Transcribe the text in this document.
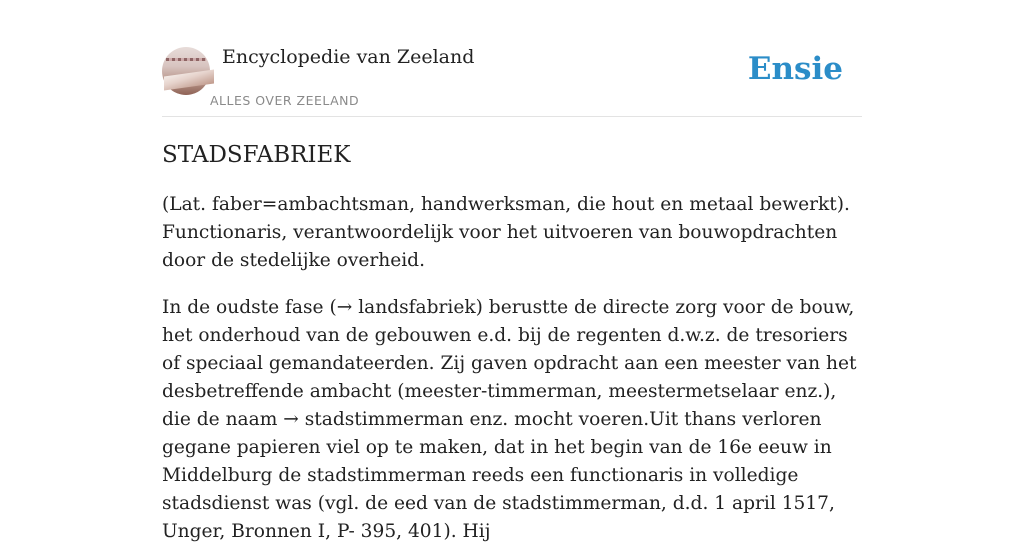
Encyclopedie van Zeeland
ALLES OVER ZEELAND
Ensie
STADSFABRIEK

(Lat. faber=ambachtsman, handwerksman, die hout en metaal bewerkt). Functionaris, verantwoordelijk voor het uitvoeren van bouwopdrachten door de stedelijke overheid.

In de oudste fase (→ landsfabriek) berustte de directe zorg voor de bouw, het onderhoud van de gebouwen e.d. bij de regenten d.w.z. de tresoriers of speciaal gemandateerden. Zij gaven opdracht aan een meester van het desbetreffende ambacht (meester-timmerman, meestermetselaar enz.), die de naam → stadstimmerman enz. mocht voeren.Uit thans verloren gegane papieren viel op te maken, dat in het begin van de 16e eeuw in Middelburg de stadstimmerman reeds een functionaris in volledige stadsdienst was (vgl. de eed van de stadstimmerman, d.d. 1 april 1517, Unger, Bronnen I, P- 395, 401). Hij
